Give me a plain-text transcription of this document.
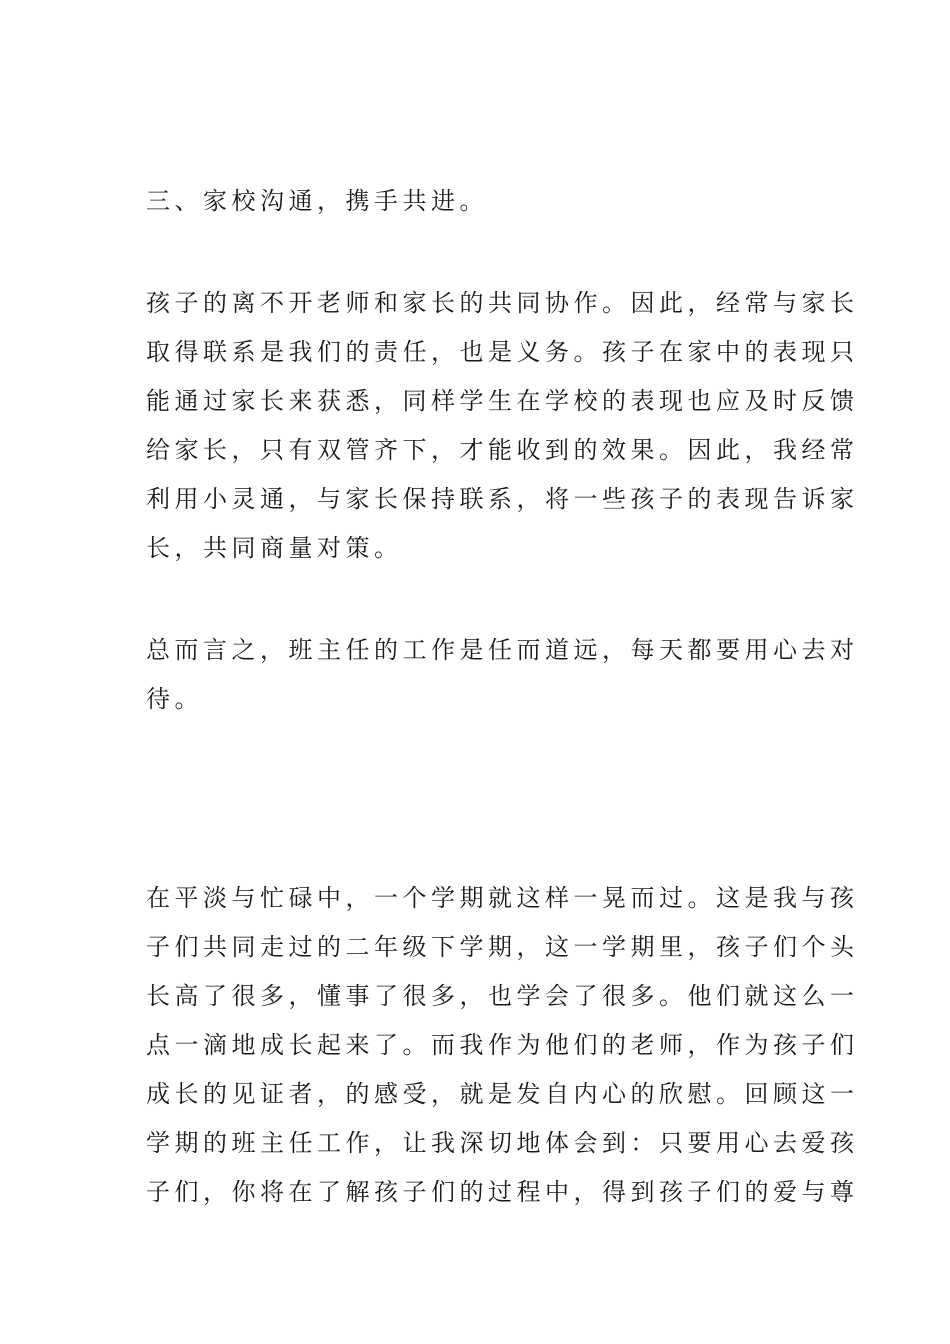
三、家校沟通，携手共进。
孩子的离不开老师和家长的共同协作。因此，经常与家长
取得联系是我们的责任，也是义务。孩子在家中的表现只
能通过家长来获悉，同样学生在学校的表现也应及时反馈
给家长，只有双管齐下，才能收到的效果。因此，我经常
利用小灵通，与家长保持联系，将一些孩子的表现告诉家
长，共同商量对策。
总而言之，班主任的工作是任而道远，每天都要用心去对
待。
在平淡与忙碌中，一个学期就这样一晃而过。这是我与孩
子们共同走过的二年级下学期，这一学期里，孩子们个头
长高了很多，懂事了很多，也学会了很多。他们就这么一
点一滴地成长起来了。而我作为他们的老师，作为孩子们
成长的见证者，的感受，就是发自内心的欣慰。回顾这一
学期的班主任工作，让我深切地体会到：只要用心去爱孩
子们，你将在了解孩子们的过程中，得到孩子们的爱与尊
